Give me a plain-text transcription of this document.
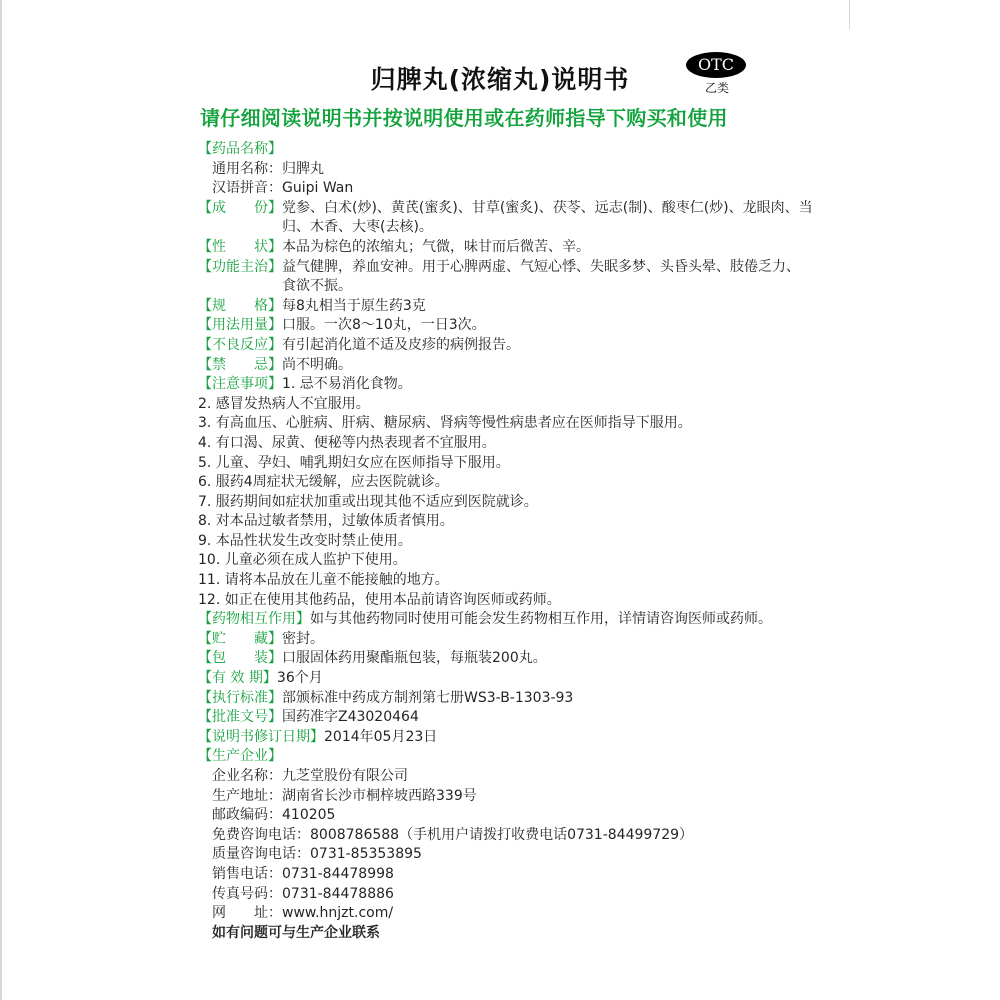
归脾丸(浓缩丸)说明书
OTC
乙类
请仔细阅读说明书并按说明使用或在药师指导下购买和使用
【药品名称】
通用名称：归脾丸
汉语拼音：Guipi Wan
【成　　份】 党参、白术(炒)、黄芪(蜜炙)、甘草(蜜炙)、茯苓、远志(制)、酸枣仁(炒)、龙眼肉、当归、木香、大枣(去核)。
【性　　状】 本品为棕色的浓缩丸；气微，味甘而后微苦、辛。
【功能主治】 益气健脾，养血安神。用于心脾两虚、气短心悸、失眠多梦、头昏头晕、肢倦乏力、食欲不振。
【规　　格】 每8丸相当于原生药3克
【用法用量】 口服。一次8～10丸，一日3次。
【不良反应】 有引起消化道不适及皮疹的病例报告。
【禁　　忌】 尚不明确。
【注意事项】 1. 忌不易消化食物。
2. 感冒发热病人不宜服用。
3. 有高血压、心脏病、肝病、糖尿病、肾病等慢性病患者应在医师指导下服用。
4. 有口渴、尿黄、便秘等内热表现者不宜服用。
5. 儿童、孕妇、哺乳期妇女应在医师指导下服用。
6. 服药4周症状无缓解，应去医院就诊。
7. 服药期间如症状加重或出现其他不适应到医院就诊。
8. 对本品过敏者禁用，过敏体质者慎用。
9. 本品性状发生改变时禁止使用。
10. 儿童必须在成人监护下使用。
11. 请将本品放在儿童不能接触的地方。
12. 如正在使用其他药品，使用本品前请咨询医师或药师。
【药物相互作用】 如与其他药物同时使用可能会发生药物相互作用，详情请咨询医师或药师。
【贮　　藏】 密封。
【包　　装】 口服固体药用聚酯瓶包装，每瓶装200丸。
【有 效 期】 36个月
【执行标准】 部颁标准中药成方制剂第七册WS3-B-1303-93
【批准文号】 国药准字Z43020464
【说明书修订日期】 2014年05月23日
【生产企业】
企业名称：九芝堂股份有限公司
生产地址：湖南省长沙市桐梓坡西路339号
邮政编码：410205
免费咨询电话：8008786588（手机用户请拨打收费电话0731-84499729）
质量咨询电话：0731-85353895
销售电话：0731-84478998
传真号码：0731-84478886
网　　址：www.hnjzt.com/
如有问题可与生产企业联系
